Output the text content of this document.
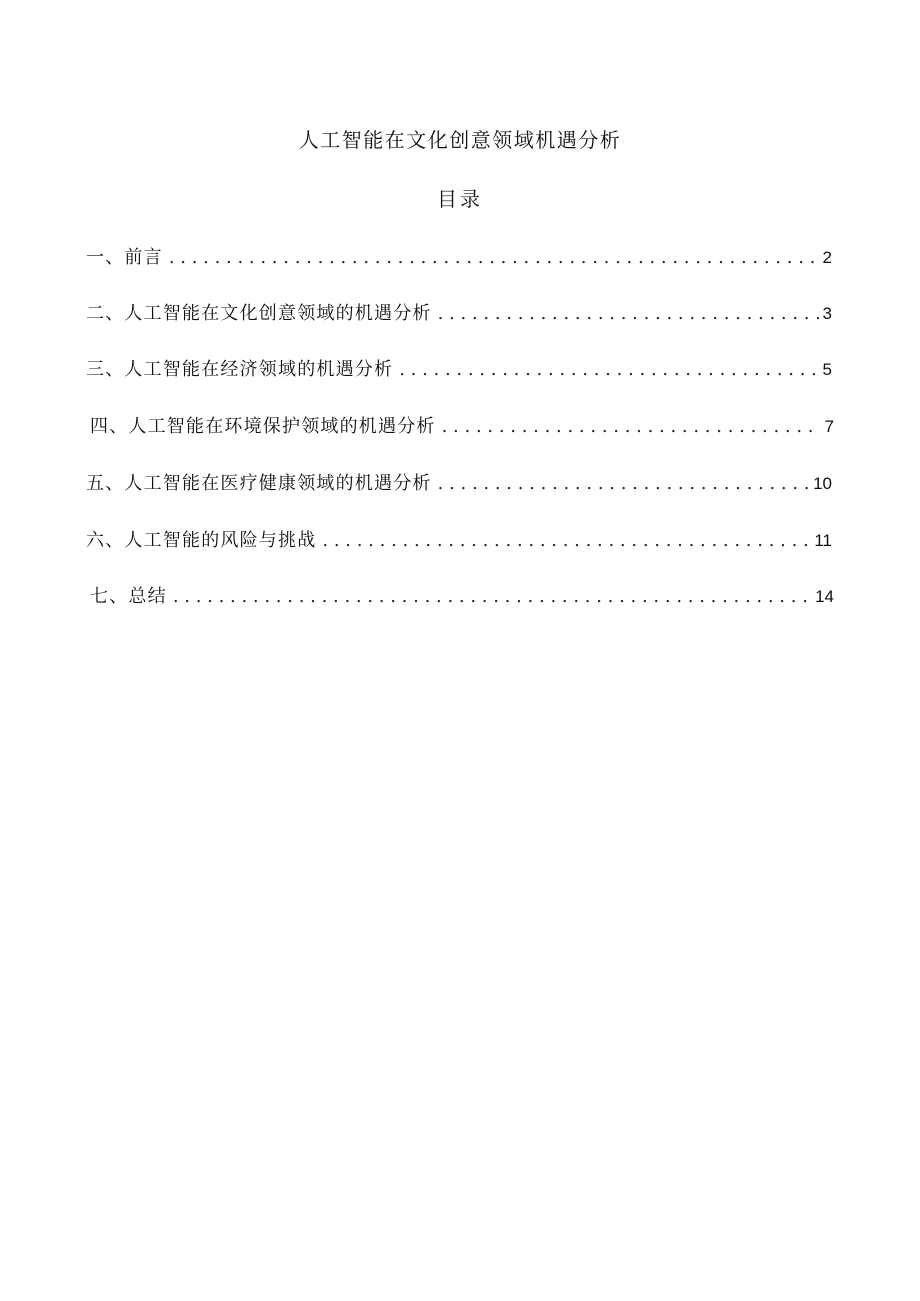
人工智能在文化创意领域机遇分析
目录
一、前言 . . .	2
二、人工智能在文化创意领域的机遇分析 . . .	3
三、人工智能在经济领域的机遇分析 . . .	5
四、人工智能在环境保护领域的机遇分析 . . .	7
五、人工智能在医疗健康领域的机遇分析 . . .	10
六、人工智能的风险与挑战 . . .	11
七、总结 . . .	14
